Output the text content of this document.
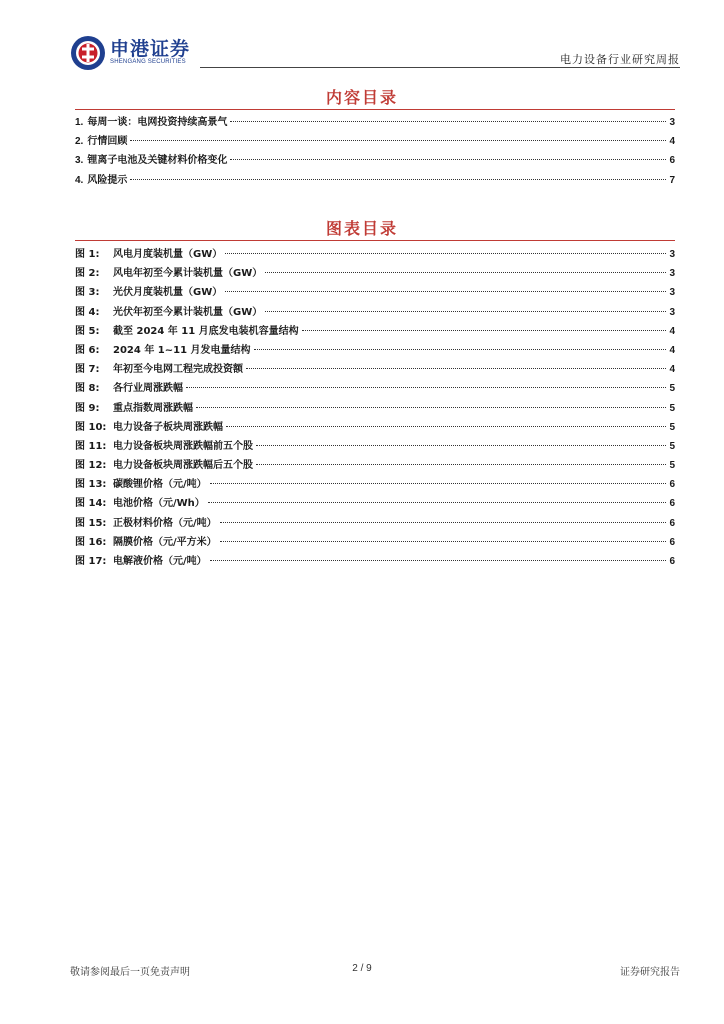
申港证券
SHENGANG SECURITIES	电力设备行业研究周报
内容目录
1. 每周一谈：电网投资持续高景气	3
2. 行情回顾	4
3. 锂离子电池及关键材料价格变化	6
4. 风险提示	7
图表目录
图 1:	风电月度装机量（GW）	3
图 2:	风电年初至今累计装机量（GW）	3
图 3:	光伏月度装机量（GW）	3
图 4:	光伏年初至今累计装机量（GW）	3
图 5:	截至 2024 年 11 月底发电装机容量结构	4
图 6:	2024 年 1~11 月发电量结构	4
图 7:	年初至今电网工程完成投资额	4
图 8:	各行业周涨跌幅	5
图 9:	重点指数周涨跌幅	5
图 10: 电力设备子板块周涨跌幅	5
图 11: 电力设备板块周涨跌幅前五个股	5
图 12: 电力设备板块周涨跌幅后五个股	5
图 13: 碳酸锂价格（元/吨）	6
图 14: 电池价格（元/Wh）	6
图 15: 正极材料价格（元/吨）	6
图 16: 隔膜价格（元/平方米）	6
图 17: 电解液价格（元/吨）	6
敬请参阅最后一页免责声明	2 / 9	证券研究报告
